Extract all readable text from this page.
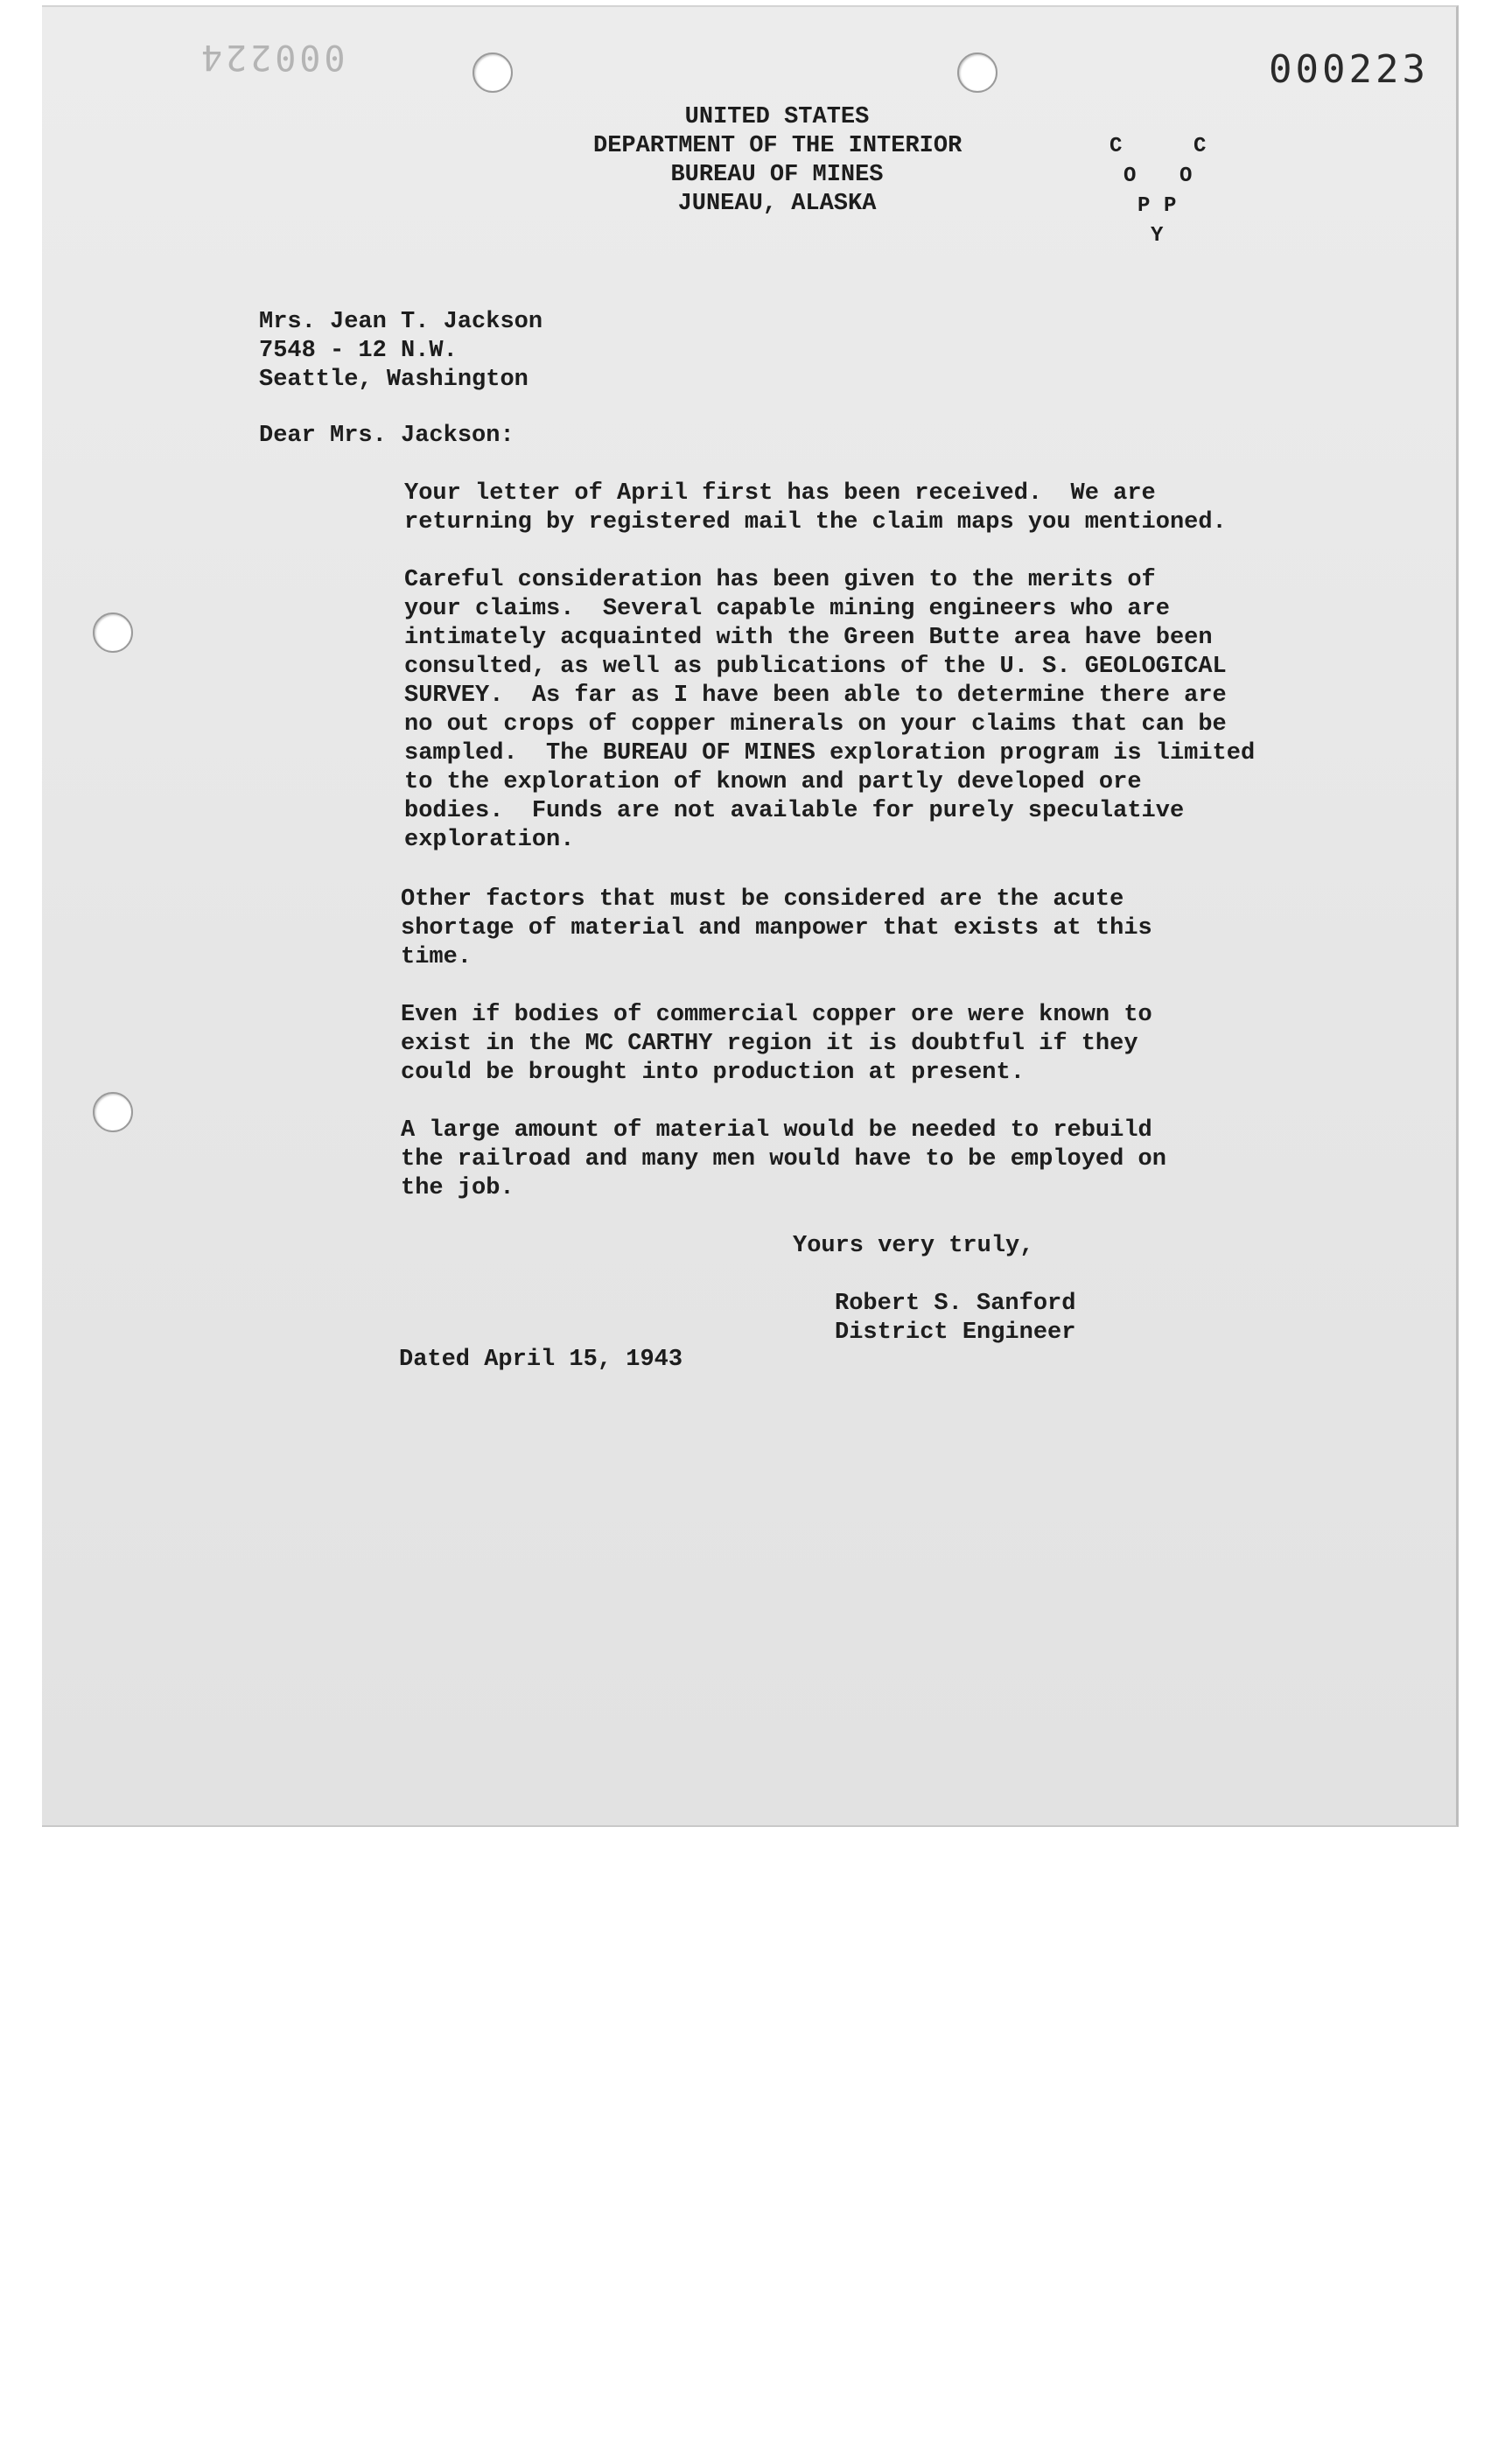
000224	000223
UNITED STATES
DEPARTMENT OF THE INTERIOR
BUREAU OF MINES
JUNEAU, ALASKA
C	C
O O
P P
Y
Mrs. Jean T. Jackson
7548 - 12 N.W.
Seattle, Washington
Dear Mrs. Jackson:
Your letter of April first has been received.  We are
returning by registered mail the claim maps you mentioned.
Careful consideration has been given to the merits of
your claims.  Several capable mining engineers who are
intimately acquainted with the Green Butte area have been
consulted, as well as publications of the U. S. GEOLOGICAL
SURVEY.  As far as I have been able to determine there are
no out crops of copper minerals on your claims that can be
sampled.  The BUREAU OF MINES exploration program is limited
to the exploration of known and partly developed ore
bodies.  Funds are not available for purely speculative
exploration.
Other factors that must be considered are the acute
shortage of material and manpower that exists at this
time.
Even if bodies of commercial copper ore were known to
exist in the MC CARTHY region it is doubtful if they
could be brought into production at present.
A large amount of material would be needed to rebuild
the railroad and many men would have to be employed on
the job.
Yours very truly,
Robert S. Sanford
District Engineer
Dated April 15, 1943
